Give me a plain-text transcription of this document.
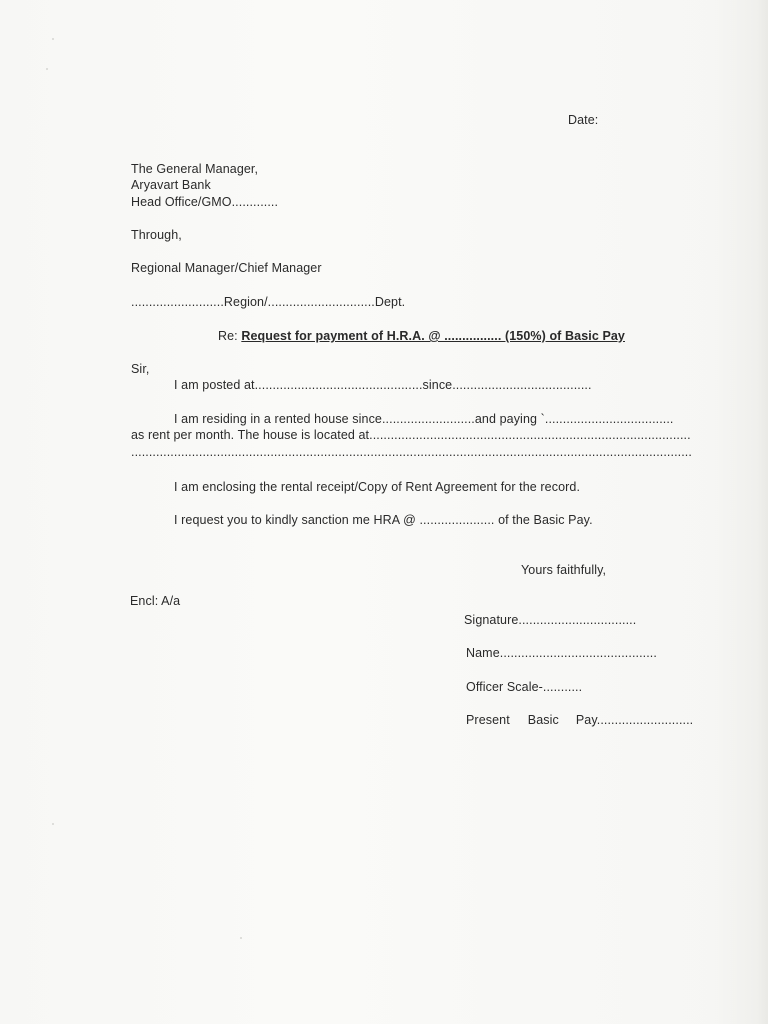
Date:
The General Manager,
Aryavart Bank
Head Office/GMO.............
Through,
Regional Manager/Chief Manager
..........................Region/..............................Dept.
Re: Request for payment of H.R.A. @ ................ (150%) of Basic Pay
Sir,
I am posted at...............................................since.......................................
I am residing in a rented house since..........................and paying `....................................
as rent per month. The house is located at..........................................................................................
.............................................................................................................................................................
I am enclosing the rental receipt/Copy of Rent Agreement for the record.
I request you to kindly sanction me HRA @ ..................... of the Basic Pay.
Yours faithfully,
Encl: A/a
Signature.................................
Name............................................
Officer Scale-...........
Present Basic Pay...........................
